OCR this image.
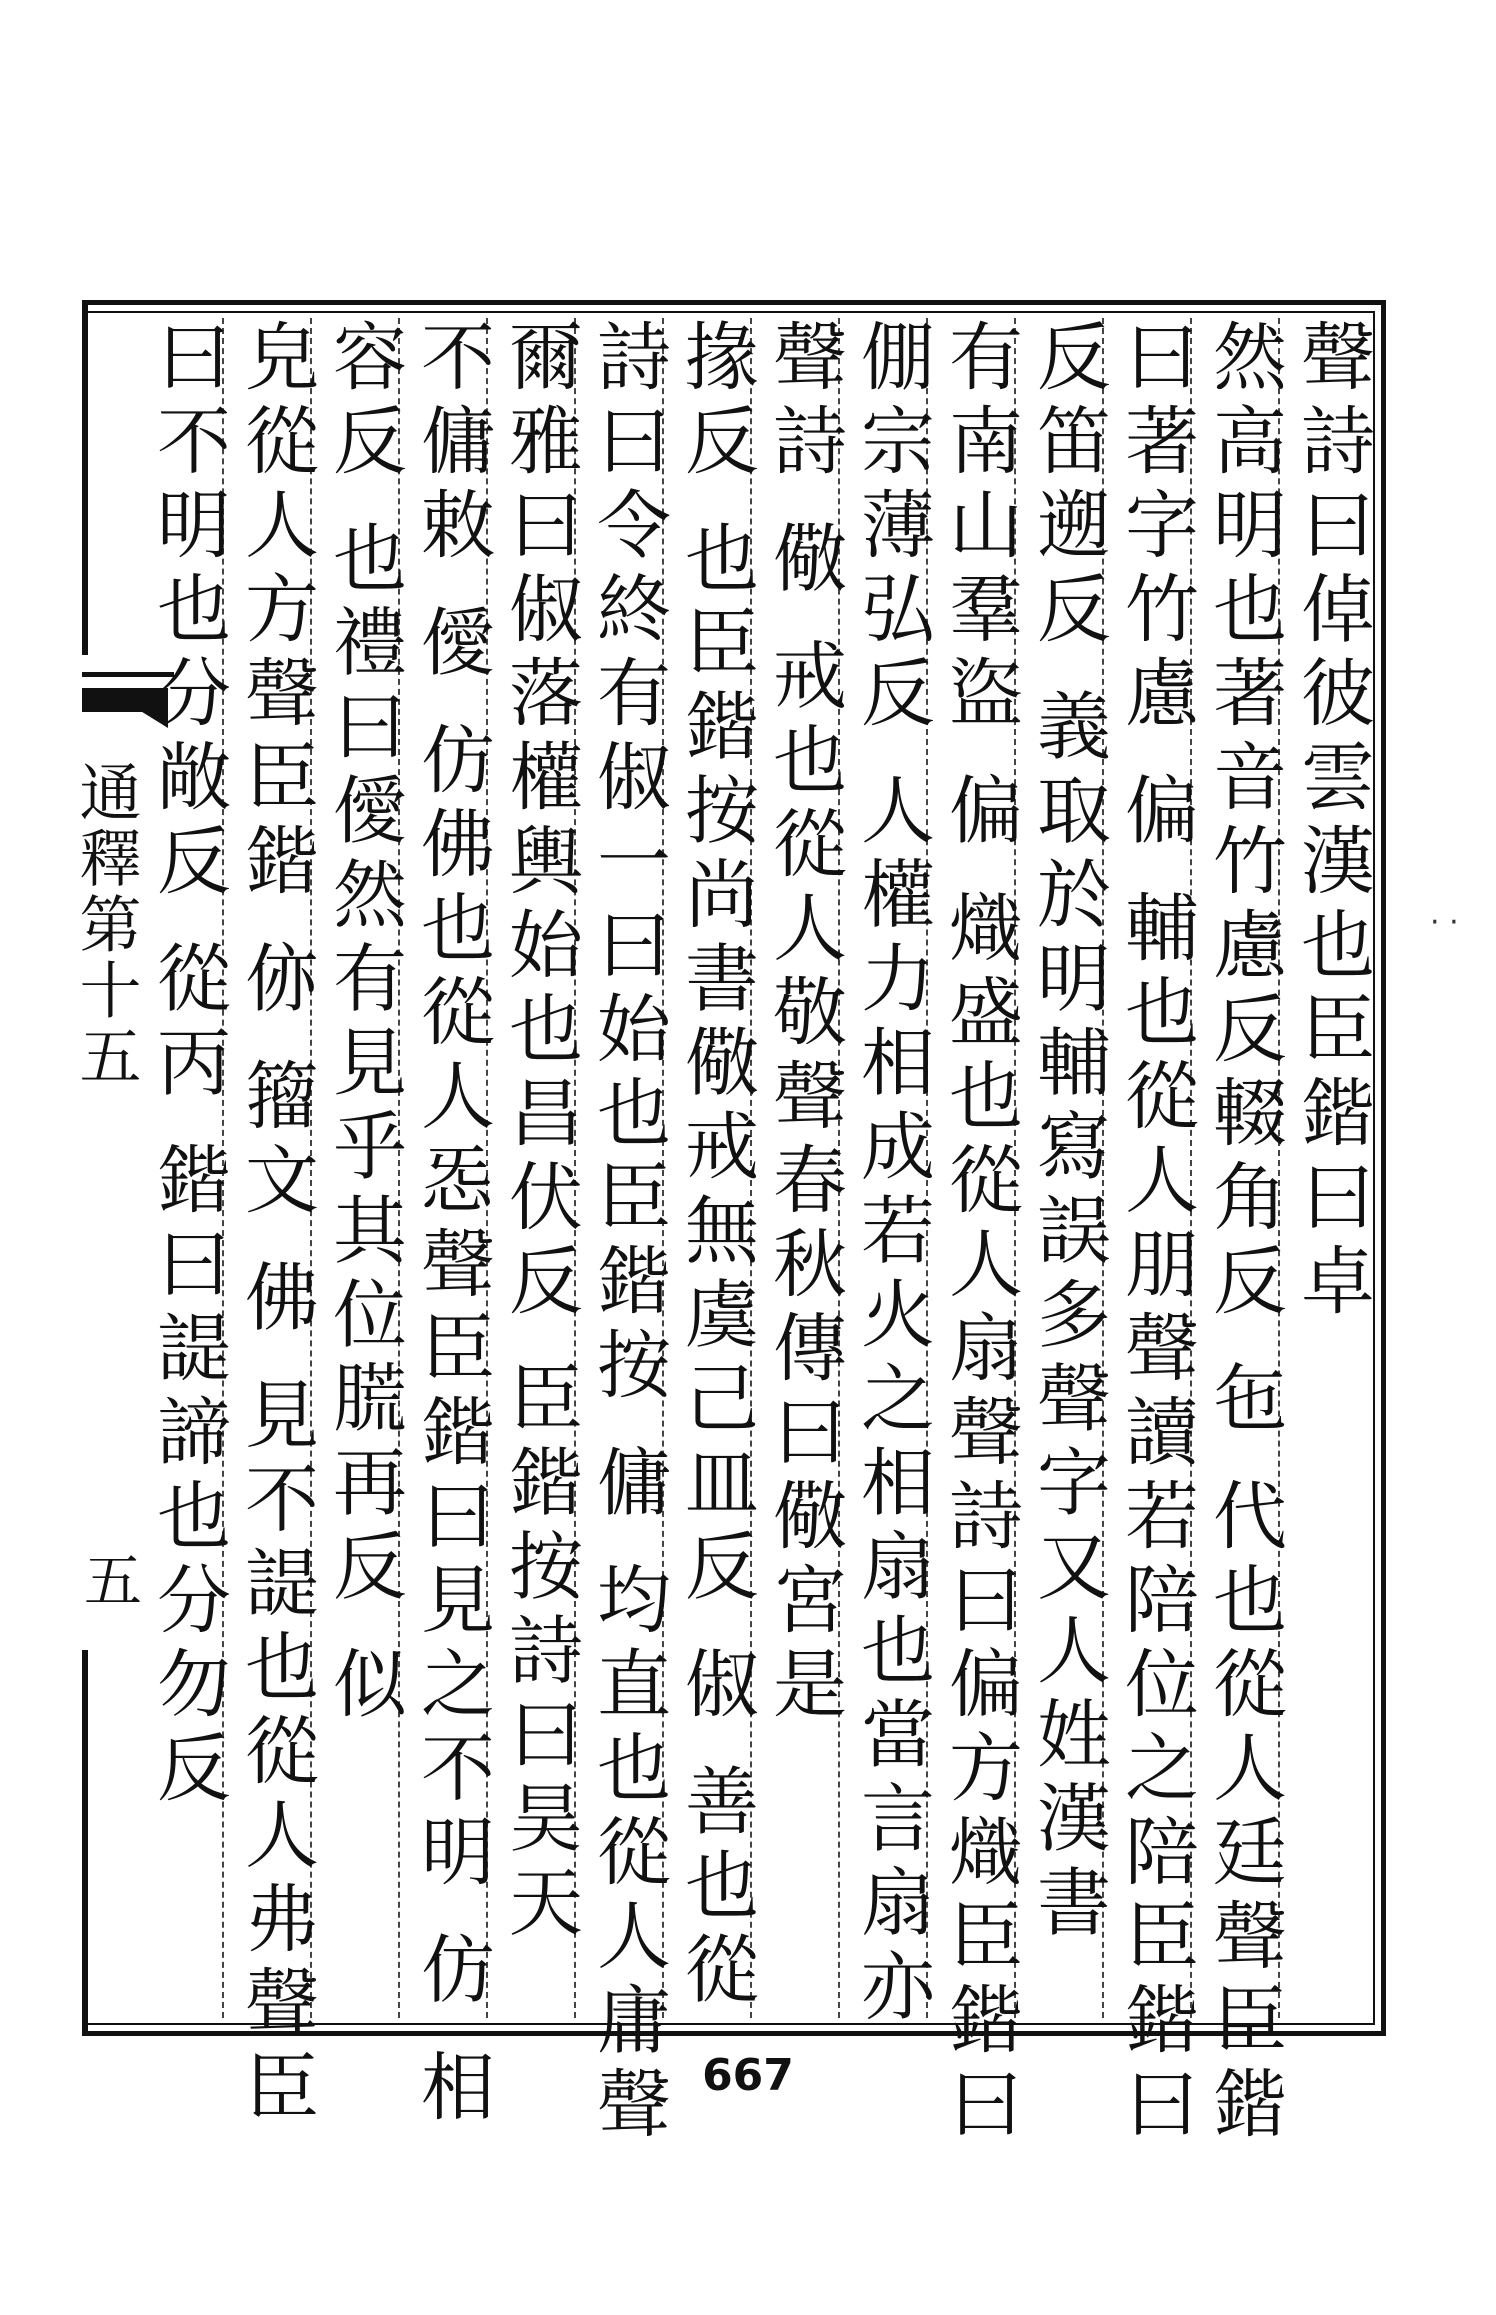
通釋第十五
五
聲詩曰倬彼雲漢也臣鍇曰卓
然高明也著音竹慮反輟角反 㐌 代也從人廷聲臣鍇
曰著字竹慮 偏 輔也從人朋聲讀若陪位之陪臣鍇曰
反笛遡反 義取於明輔寫誤多聲字又人姓漢書
有南山羣盜 偏 熾盛也從人扇聲詩曰偏方熾臣鍇曰
倗宗薄弘反 人權力相成若火之相扇也當言扇亦
聲詩 儆 戒也從人敬聲春秋傳曰儆宮是
掾反 也臣鍇按尚書儆戒無虞己皿反 俶 善也從
詩曰令終有俶一曰始也臣鍇按 傭 均直也從人庸聲
爾雅曰俶落權輿始也昌伏反 臣鍇按詩曰昊天
不傭敕 僾 仿佛也從人㤅聲臣鍇曰見之不明 仿 相
容反 也禮曰僾然有見乎其位㬻再反 似
皃從人方聲臣鍇 㑊 籀文 佛 見不諟也從人弗聲臣
曰不明也分敞反 從丙 鍇曰諟諦也分勿反
667
· ·
